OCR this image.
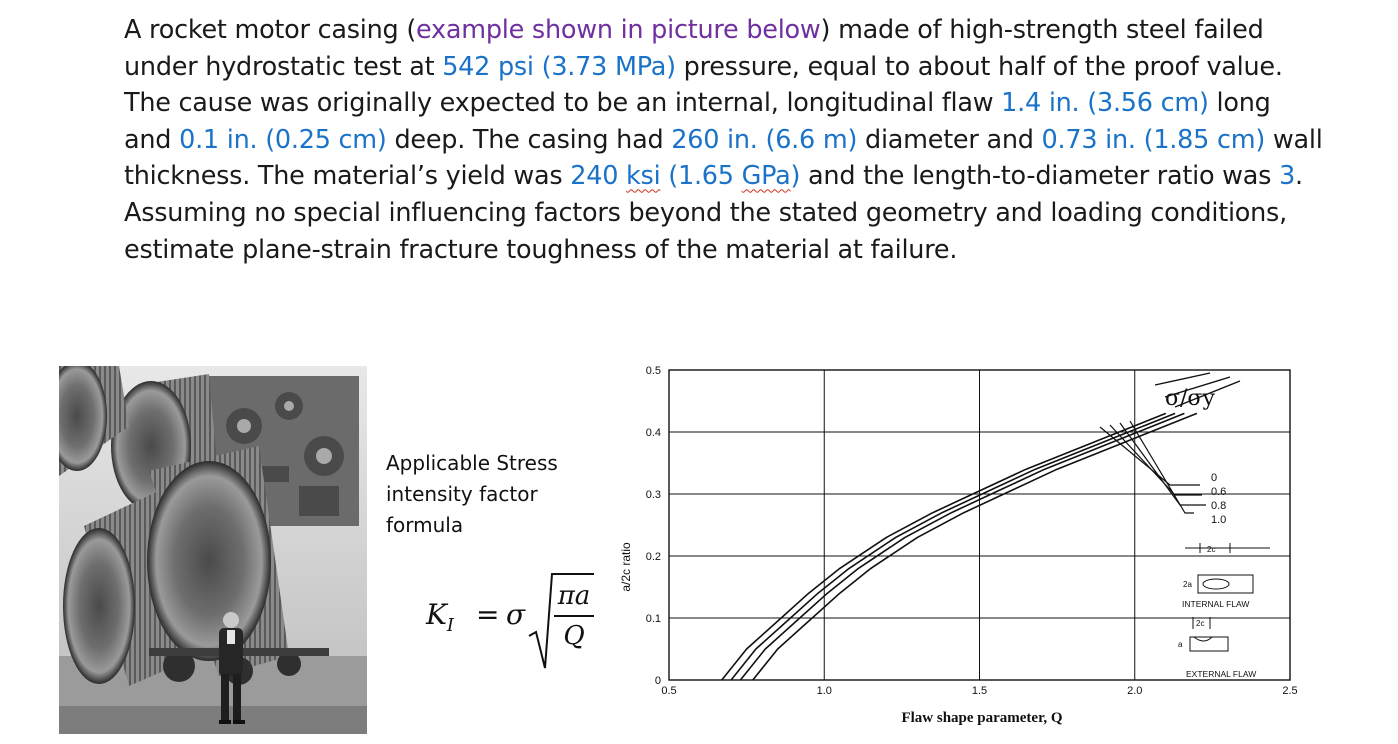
A rocket motor casing (example shown in picture below) made of high-strength steel failed under hydrostatic test at 542 psi (3.73 MPa) pressure, equal to about half of the proof value. The cause was originally expected to be an internal, longitudinal flaw 1.4 in. (3.56 cm) long and 0.1 in. (0.25 cm) deep. The casing had 260 in. (6.6 m) diameter and 0.73 in. (1.85 cm) wall thickness. The material’s yield was 240 ksi (1.65 GPa) and the length-to-diameter ratio was 3. Assuming no special influencing factors beyond the stated geometry and loading conditions, estimate plane-strain fracture toughness of the material at failure.

Applicable Stress intensity factor formula
$K_I = \sigma$
πa
Q
a/2c ratio
Flaw shape parameter, Q
0
0.1
0.2
0.3
0.4
0.5
0.5	1.0	1.5	2.0	2.5
σ/σy
0
0.6
0.8
1.0
2c
2a
INTERNAL FLAW
2c
a
EXTERNAL FLAW
